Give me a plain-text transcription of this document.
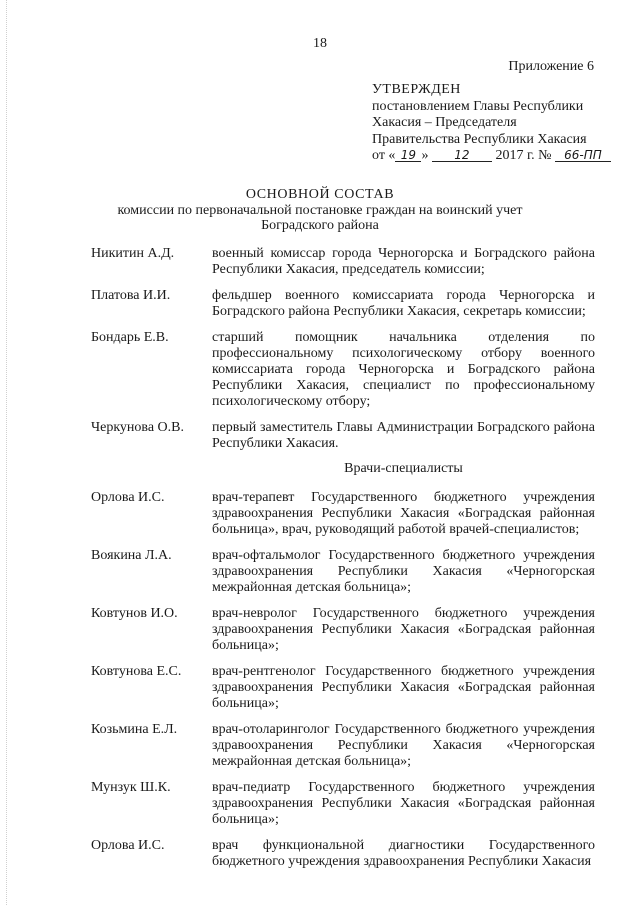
18
Приложение 6
УТВЕРЖДЕН
постановлением Главы Республики
Хакасия – Председателя
Правительства Республики Хакасия
от « 19 » 12 2017 г. № 66-ПП
ОСНОВНОЙ СОСТАВ
комиссии по первоначальной постановке граждан на воинский учет
Боградского района
Никитин А.Д.	военный комиссар города Черногорска и Боградского района Республики Хакасия, председатель комиссии;
Платова И.И.	фельдшер военного комиссариата города Черногорска и Боградского района Республики Хакасия, секретарь комиссии;
Бондарь Е.В.	старший помощник начальника отделения по профессиональному психологическому отбору военного комиссариата города Черногорска и Боградского района Республики Хакасия, специалист по профессиональному психологическому отбору;
Черкунова О.В.	первый заместитель Главы Администрации Боградского района Республики Хакасия.
Врачи-специалисты
Орлова И.С.	врач-терапевт Государственного бюджетного учреждения здравоохранения Республики Хакасия «Боградская районная больница», врач, руководящий работой врачей-специалистов;
Воякина Л.А.	врач-офтальмолог Государственного бюджетного учреждения здравоохранения Республики Хакасия «Черногорская межрайонная детская больница»;
Ковтунов И.О.	врач-невролог Государственного бюджетного учреждения здравоохранения Республики Хакасия «Боградская районная больница»;
Ковтунова Е.С.	врач-рентгенолог Государственного бюджетного учреждения здравоохранения Республики Хакасия «Боградская районная больница»;
Козьмина Е.Л.	врач-отоларинголог Государственного бюджетного учреждения здравоохранения Республики Хакасия «Черногорская межрайонная детская больница»;
Мунзук Ш.К.	врач-педиатр Государственного бюджетного учреждения здравоохранения Республики Хакасия «Боградская районная больница»;
Орлова И.С.	врач функциональной диагностики Государственного бюджетного учреждения здравоохранения Республики Хакасия
